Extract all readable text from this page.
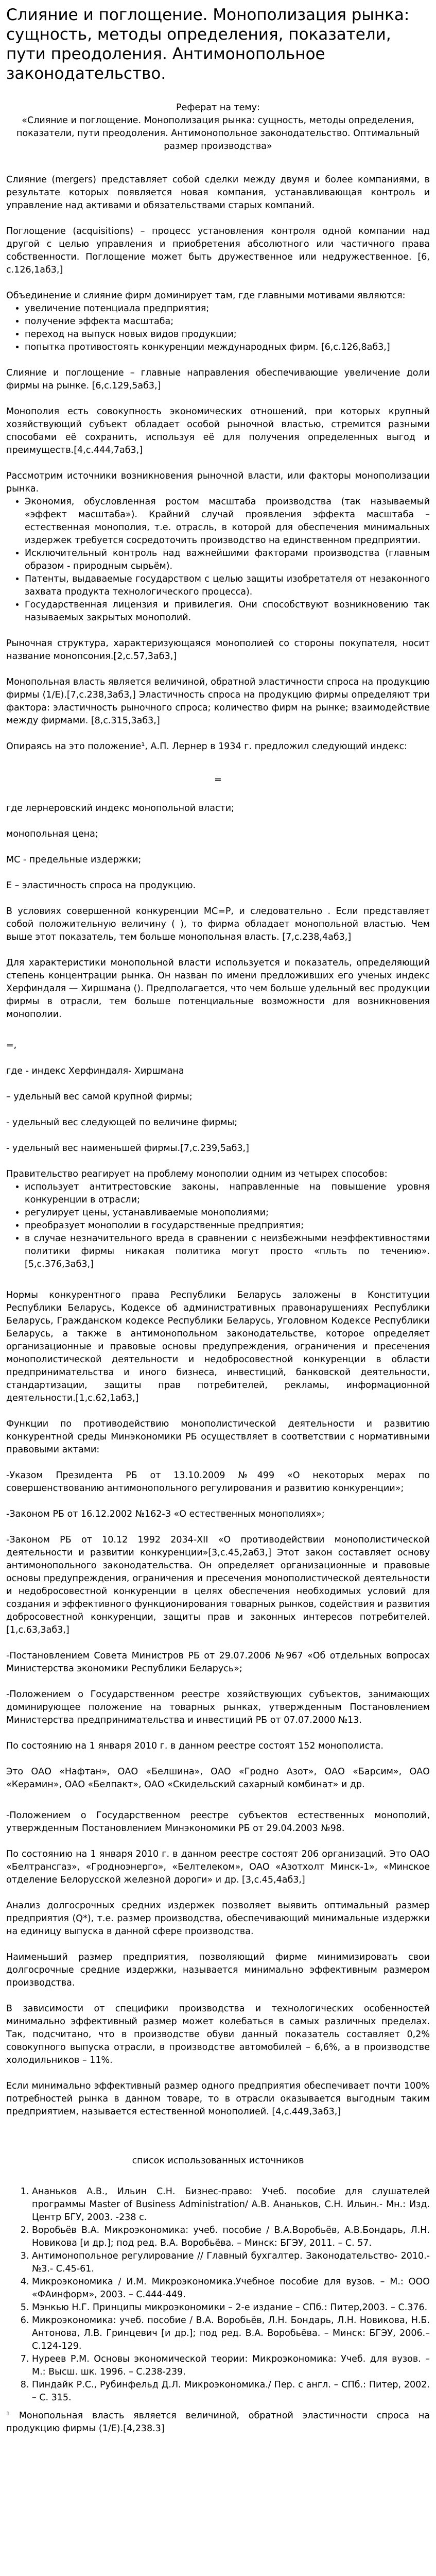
Слияние и поглощение. Монополизация рынка: сущность, методы определения, показатели, пути преодоления. Антимонопольное законодательство.

Реферат на тему:

«Слияние и поглощение. Монополизация рынка: сущность, методы определения, показатели, пути преодоления. Антимонопольное законодательство. Оптимальный размер производства»

Слияние (mergers) представляет собой сделки между двумя и более компаниями, в результате которых появляется новая компания, устанавливающая контроль и управление над активами и обязательствами старых компаний.

Поглощение (acquisitions) – процесс установления контроля одной компании над другой с целью управления и приобретения абсолютного или частичного права собственности. Поглощение может быть дружественное или недружественное. [6, с.126,1аб3,]

Объединение и слияние фирм доминирует там, где главными мотивами являются:

• увеличение потенциала предприятия;
• получение эффекта масштаба;
• переход на выпуск новых видов продукции;
• попытка противостоять конкуренции международных фирм. [6,с.126,8аб3,]

Слияние и поглощение – главные направления обеспечивающие увеличение доли фирмы на рынке. [6,с.129,5аб3,]

Монополия есть совокупность экономических отношений, при которых крупный хозяйствующий субъект обладает особой рыночной властью, стремится разными способами её сохранить, используя её для получения определенных выгод и преимуществ.[4,с.444,7аб3,]

Рассмотрим источники возникновения рыночной власти, или факторы монополизации рынка.

• Экономия, обусловленная ростом масштаба производства (так называемый «эффект масштаба»). Крайний случай проявления эффекта масштаба – естественная монополия, т.е. отрасль, в которой для обеспечения минимальных издержек требуется сосредоточить производство на единственном предприятии.
• Исключительный контроль над важнейшими факторами производства (главным образом - природным сырьём).
• Патенты, выдаваемые государством с целью защиты изобретателя от незаконного захвата продукта технологического процесса).
• Государственная лицензия и привилегия. Они способствуют возникновению так называемых закрытых монополий.

Рыночная структура, характеризующаяся монополией со стороны покупателя, носит название монопсония.[2,с.57,3аб3,]

Монопольная власть является величиной, обратной эластичности спроса на продукцию фирмы (1/Е).[7,с.238,3аб3,] Эластичность спроса на продукцию фирмы определяют три фактора: эластичность рыночного спроса; количество фирм на рынке; взаимодействие между фирмами. [8,с.315,3аб3,]

Опираясь на это положение¹, А.П. Лернер в 1934 г. предложил следующий индекс:

=

где лернеровский индекс монопольной власти;

монопольная цена;

МС - предельные издержки;

Е – эластичность спроса на продукцию.

В условиях совершенной конкуренции МС=Р, и следовательно . Если представляет собой положительную величину ( ), то фирма обладает монопольной властью. Чем выше этот показатель, тем больше монопольная власть. [7,с.238,4аб3,]

Для характеристики монопольной власти используется и показатель, определяющий степень концентрации рынка. Он назван по имени предложивших его ученых индекс Херфиндаля — Хиршмана (). Предполагается, что чем больше удельный вес продукции фирмы в отрасли, тем больше потенциальные возможности для возникновения монополии.

=,

где - индекс Херфиндаля- Хиршмана

– удельный вес самой крупной фирмы;

- удельный вес следующей по величине фирмы;

- удельный вес наименьшей фирмы.[7,с.239,5аб3,]

Правительство реагирует на проблему монополии одним из четырех способов:

• использует антитрестовские законы, направленные на повышение уровня конкуренции в отрасли;
• регулирует цены, устанавливаемые монополиями;
• преобразует монополии в государственные предприятия;
• в случае незначительного вреда в сравнении с неизбежными неэффективностями политики фирмы никакая политика могут просто «пльть по течению».[5,с.376,3аб3,]

Нормы конкурентного права Республики Беларусь заложены в Конституции Республики Беларусь, Кодексе об административных правонарушениях Республики Беларусь, Гражданском кодексе Республики Беларусь, Уголовном Кодексе Республики Беларусь, а также в антимонопольном законодательстве, которое определяет организационные и правовые основы предупреждения, ограничения и пресечения монополистической деятельности и недобросовестной конкуренции в области предпринимательства и иного бизнеса, инвестиций, банковской деятельности, стандартизации, защиты прав потребителей, рекламы, информационной деятельности.[1,с.62,1аб3,]

Функции по противодействию монополистической деятельности и развитию конкурентной среды Минэкономики РБ осуществляет в соответствии с нормативными правовыми актами:

-Указом Президента РБ от 13.10.2009 №499 «О некоторых мерах по совершенствованию антимонопольного регулирования и развитию конкуренции»;

-Законом РБ от 16.12.2002 №162-З «О естественных монополиях»;

-Законом РБ от 10.12 1992 2034-XII «О противодействии монополистической деятельности и развитии конкуренции»[3,с.45,2аб3,] Этот закон составляет основу антимонопольного законодательства. Он определяет организационные и правовые основы предупреждения, ограничения и пресечения монополистической деятельности и недобросовестной конкуренции в целях обеспечения необходимых условий для создания и эффективного функционирования товарных рынков, содействия и развития добросовестной конкуренции, защиты прав и законных интересов потребителей.[1,с.63,3аб3,]

-Постановлением Совета Министров РБ от 29.07.2006 №967 «Об отдельных вопросах Министерства экономики Республики Беларусь»;

-Положением о Государственном реестре хозяйствующих субъектов, занимающих доминирующее положение на товарных рынках, утвержденным Постановлением Министерства предпринимательства и инвестиций РБ от 07.07.2000 №13.

По состоянию на 1 января 2010 г. в данном реестре состоят 152 монополиста.

Это ОАО «Нафтан», ОАО «Белшина», ОАО «Гродно Азот», ОАО «Барсим», ОАО «Керамин», ОАО «Белпакт», ОАО «Скидельский сахарный комбинат» и др.

-Положением о Государственном реестре субъектов естественных монополий, утвержденным Постановлением Минэкономики РБ от 29.04.2003 №98.

По состоянию на 1 января 2010 г. в данном реестре состоят 206 организаций. Это ОАО «Белтрансгаз», «Гродноэнерго», «Белтелеком», ОАО «Азотхолт Минск-1», «Минское отделение Белорусской железной дороги» и др. [3,с.45,4аб3,]

Анализ долгосрочных средних издержек позволяет выявить оптимальный размер предприятия (Q*), т.е. размер производства, обеспечивающий минимальные издержки на единицу выпуска в данной сфере производства.

Наименьший размер предприятия, позволяющий фирме минимизировать свои долгосрочные средние издержки, называется минимально эффективным размером производства.

В зависимости от специфики производства и технологических особенностей минимально эффективный размер может колебаться в самых различных пределах. Так, подсчитано, что в производстве обуви данный показатель составляет 0,2% совокупного выпуска отрасли, в производстве автомобилей – 6,6%, а в производстве холодильников – 11%.

Если минимально эффективный размер одного предприятия обеспечивает почти 100% потребностей рынка в данном товаре, то в отрасли оказывается выгодным таким предприятием, называется естественной монополией. [4,с.449,3аб3,]

список использованных источников

1. Ананьков А.В., Ильин С.Н. Бизнес-право: Учеб. пособие для слушателей программы Master of Business Administration/ А.В. Ананьков, С.Н. Ильин.- Мн.: Изд. Центр БГУ, 2003. -238 с.
2. Воробьёв В.А. Микроэкономика: учеб. пособие / В.А.Воробьёв, А.В.Бондарь, Л.Н. Новикова [и др.]; под ред. В.А. Воробьёва. – Минск: БГЭУ, 2011. – С. 57.
3. Антимонопольное регулирование // Главный бухгалтер. Законодательство- 2010.- №3.- С.45-61.
4. Микроэкономика / И.М. Микроэкономика.Учебное пособие для вузов. – М.: ООО «ФАинформ», 2003. – С.444-449.
5. Мэнкью Н.Г. Принципы микроэкономики – 2-е издание – СПб.: Питер,2003. – С.376.
6. Микроэкономика: учеб. пособие / В.А. Воробьёв, Л.Н. Бондарь, Л.Н. Новикова, Н.Б. Антонова, Л.В. Гринцевич [и др.]; под ред. В.А. Воробьёва. – Минск: БГЭУ, 2006.– С.124-129.
7. Нуреев Р.М. Основы экономической теории: Микроэкономика: Учеб. для вузов. – М.: Высш. шк. 1996. – С.238-239.
8. Пиндайк Р.С., Рубинфельд Д.Л. Микроэкономика./ Пер. с англ. – СПб.: Питер, 2002. – С. 315.

¹ Монопольная власть является величиной, обратной эластичности спроса на продукцию фирмы (1/Е).[4,238.3]
